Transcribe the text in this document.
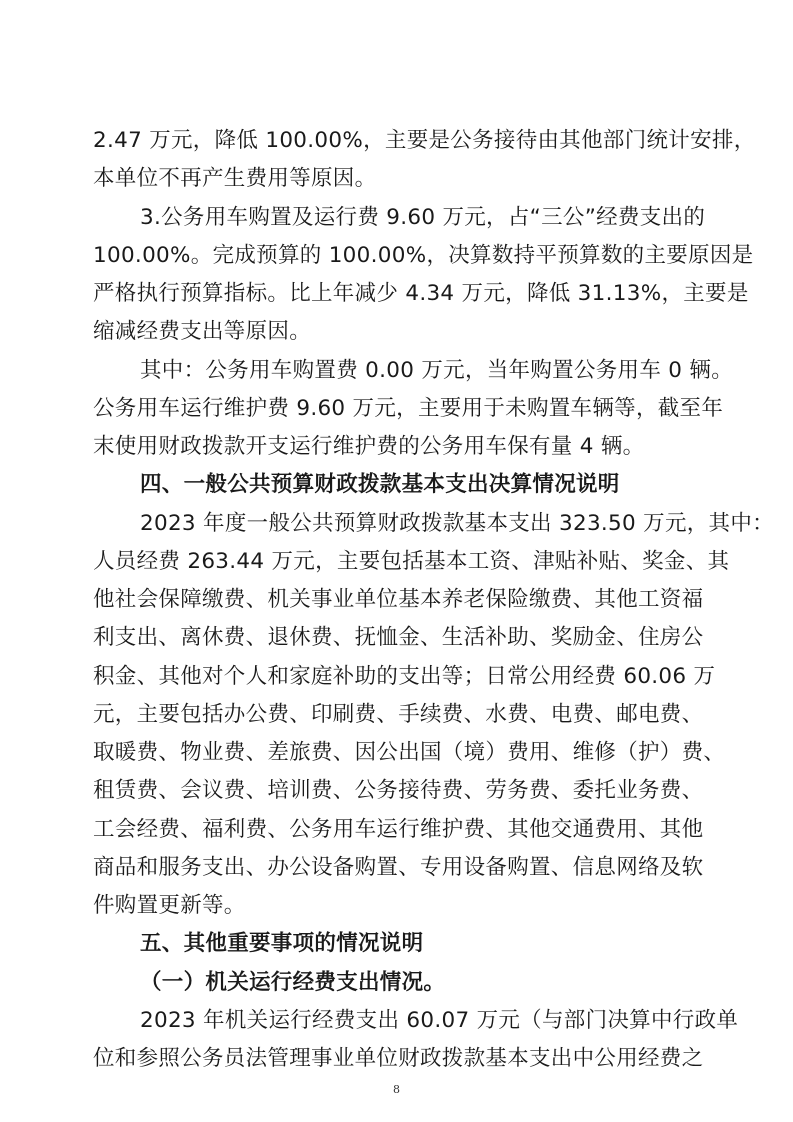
2.47 万元，降低 100.00%，主要是公务接待由其他部门统计安排，
本单位不再产生费用等原因。
3.公务用车购置及运行费 9.60 万元，占“三公”经费支出的
100.00%。完成预算的 100.00%，决算数持平预算数的主要原因是
严格执行预算指标。比上年减少 4.34 万元，降低 31.13%，主要是
缩减经费支出等原因。
其中：公务用车购置费 0.00 万元，当年购置公务用车 0 辆。
公务用车运行维护费 9.60 万元，主要用于未购置车辆等，截至年
末使用财政拨款开支运行维护费的公务用车保有量 4 辆。
四、一般公共预算财政拨款基本支出决算情况说明
2023 年度一般公共预算财政拨款基本支出 323.50 万元，其中：
人员经费 263.44 万元，主要包括基本工资、津贴补贴、奖金、其
他社会保障缴费、机关事业单位基本养老保险缴费、其他工资福
利支出、离休费、退休费、抚恤金、生活补助、奖励金、住房公
积金、其他对个人和家庭补助的支出等；日常公用经费 60.06 万
元，主要包括办公费、印刷费、手续费、水费、电费、邮电费、
取暖费、物业费、差旅费、因公出国（境）费用、维修（护）费、
租赁费、会议费、培训费、公务接待费、劳务费、委托业务费、
工会经费、福利费、公务用车运行维护费、其他交通费用、其他
商品和服务支出、办公设备购置、专用设备购置、信息网络及软
件购置更新等。
五、其他重要事项的情况说明
（一）机关运行经费支出情况。
2023 年机关运行经费支出 60.07 万元（与部门决算中行政单
位和参照公务员法管理事业单位财政拨款基本支出中公用经费之
8
